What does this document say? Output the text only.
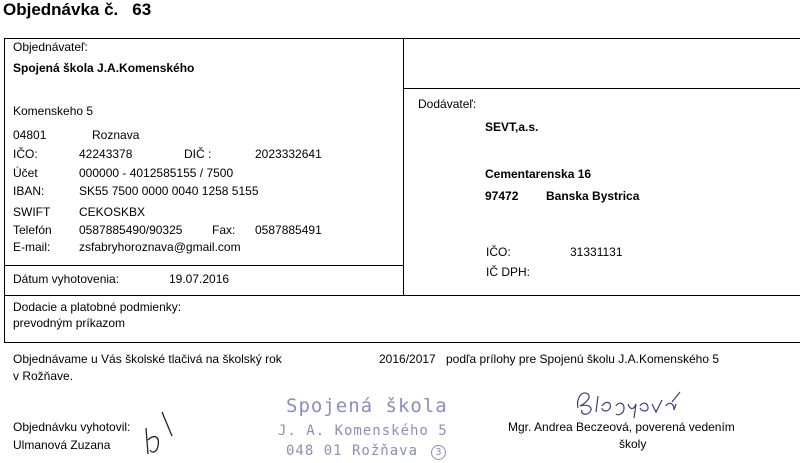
Objednávka č. 63
Objednávateľ:
Spojená škola J.A.Komenského
Komenskeho 5
04801	Roznava
IČO:	42243378	DIČ :	2023332641
Účet	000000 - 4012585155 / 7500
IBAN:	SK55 7500 0000 0040 1258 5155
SWIFT CEKOSKBX
Telefón 0587885490/90325 Fax: 0587885491
E-mail: zsfabryhoroznava@gmail.com
Dátum vyhotovenia:	19.07.2016
Dodávateľ:
SEVT,a.s.
Cementarenska 16
97472 Banska Bystrica
IČO:	31331131
IČ DPH:
Dodacie a platobné podmienky:
prevodným príkazom
Objednávame u Vás školské tlačivá na školský rok	2016/2017 podľa prílohy pre Spojenú školu J.A.Komenského 5
v Rožňave.
Objednávku vyhotovil:
Ulmanová Zuzana
Spojená škola
J. A. Komenského 5
048 01 Rožňava 3
Mgr. Andrea Beczeová, poverená vedením
školy
